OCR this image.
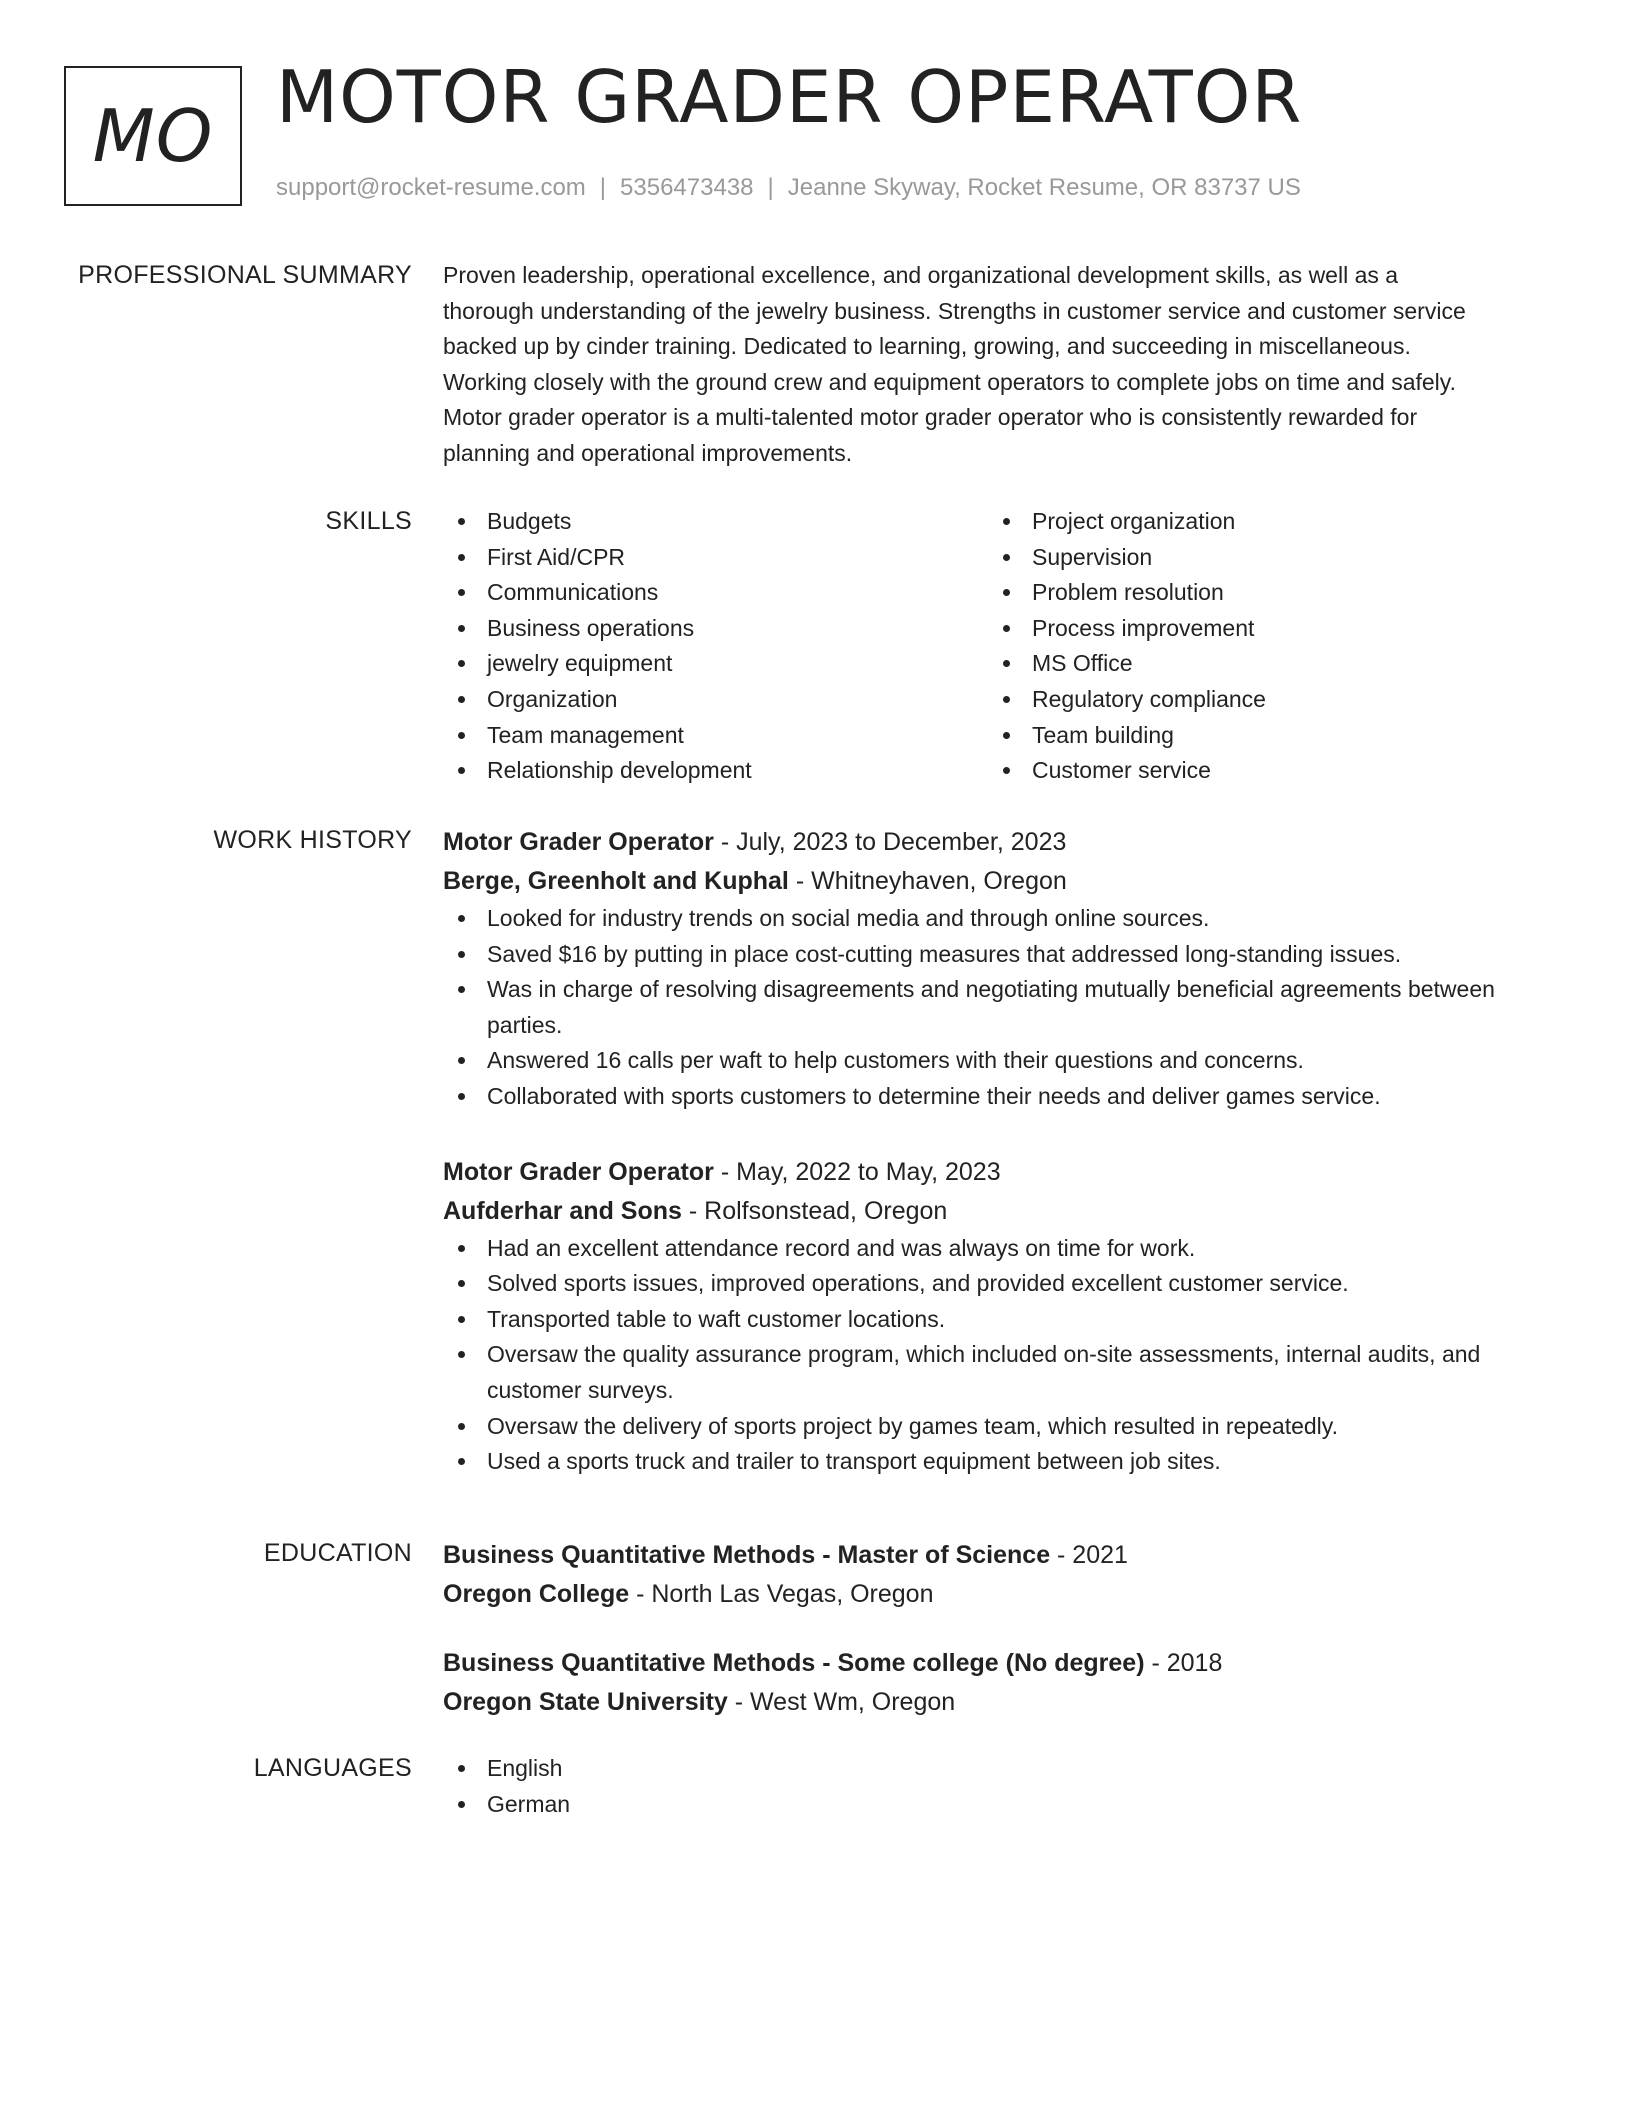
MO MOTOR GRADER OPERATOR
support@rocket-resume.com | 5356473438 | Jeanne Skyway, Rocket Resume, OR 83737 US
PROFESSIONAL SUMMARY Proven leadership, operational excellence, and organizational development skills, as well as a
thorough understanding of the jewelry business. Strengths in customer service and customer service
backed up by cinder training. Dedicated to learning, growing, and succeeding in miscellaneous.
Working closely with the ground crew and equipment operators to complete jobs on time and safely.
Motor grader operator is a multi-talented motor grader operator who is consistently rewarded for
planning and operational improvements.

SKILLS	Budgets
First Aid/CPR
Communications
Business operations
jewelry equipment
Organization
Team management
Relationship development
Project organization
Supervision
Problem resolution
Process improvement
MS Office
Regulatory compliance
Team building
Customer service
WORK HISTORY Motor Grader Operator - July, 2023 to December, 2023
Berge, Greenholt and Kuphal - Whitneyhaven, Oregon
Looked for industry trends on social media and through online sources.
Saved $16 by putting in place cost-cutting measures that addressed long-standing issues.
Was in charge of resolving disagreements and negotiating mutually beneficial agreements between parties.
Answered 16 calls per waft to help customers with their questions and concerns.
Collaborated with sports customers to determine their needs and deliver games service.
Motor Grader Operator - May, 2022 to May, 2023
Aufderhar and Sons - Rolfsonstead, Oregon
Had an excellent attendance record and was always on time for work.
Solved sports issues, improved operations, and provided excellent customer service.
Transported table to waft customer locations.
Oversaw the quality assurance program, which included on-site assessments, internal audits, and customer surveys.
Oversaw the delivery of sports project by games team, which resulted in repeatedly.
Used a sports truck and trailer to transport equipment between job sites.
EDUCATION Business Quantitative Methods - Master of Science - 2021
Oregon College - North Las Vegas, Oregon
Business Quantitative Methods - Some college (No degree) - 2018
Oregon State University - West Wm, Oregon
LANGUAGES	English
German
